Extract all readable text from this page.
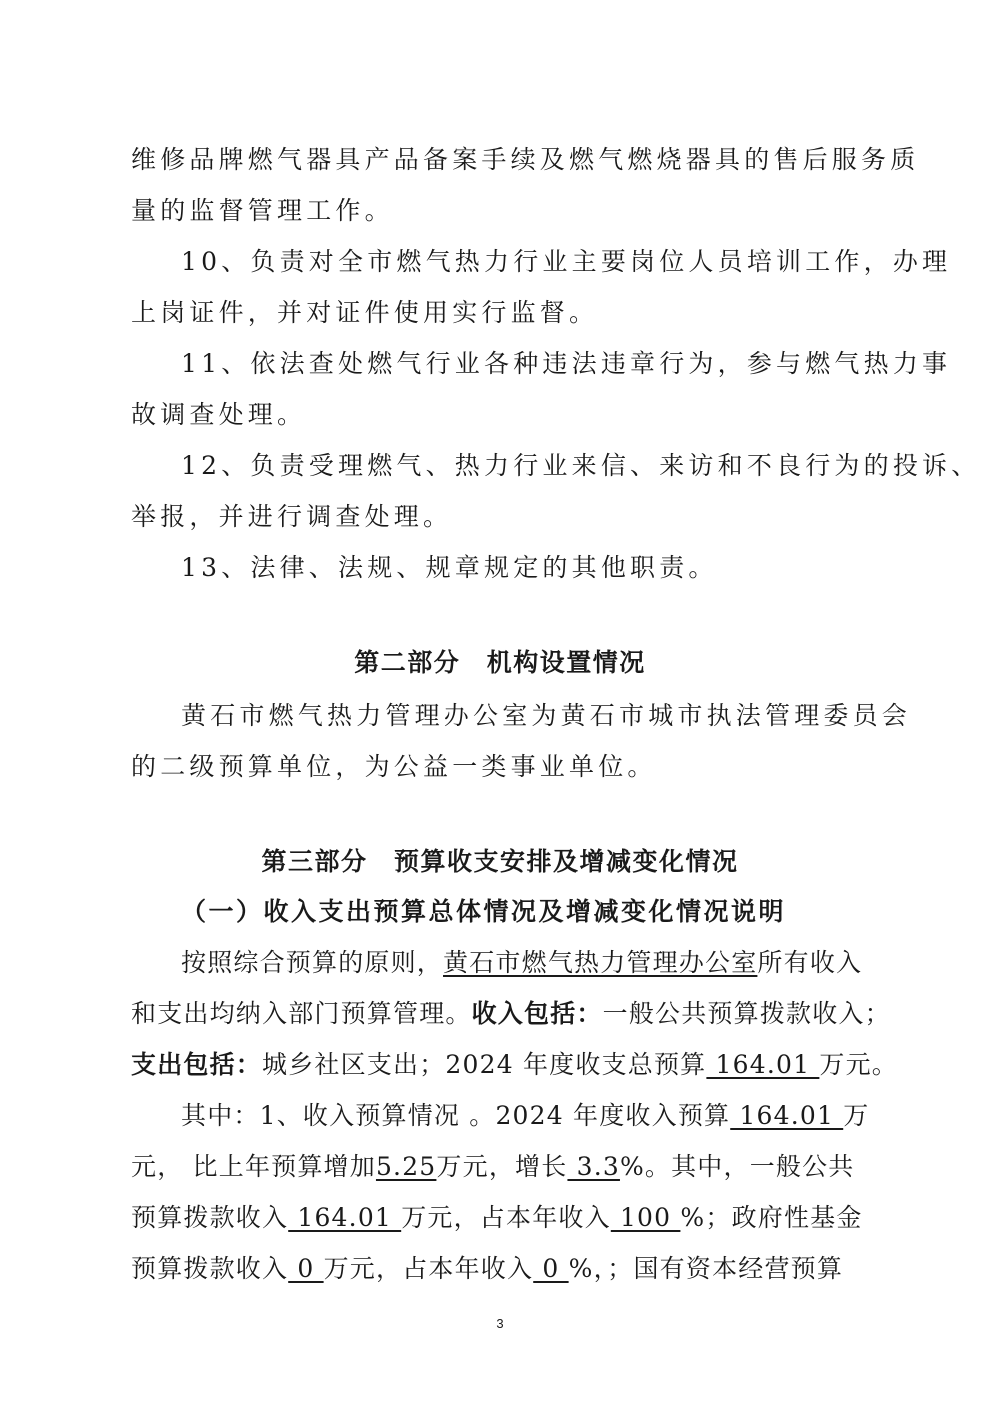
维修品牌燃气器具产品备案手续及燃气燃烧器具的售后服务质
量的监督管理工作。
10、负责对全市燃气热力行业主要岗位人员培训工作，办理
上岗证件，并对证件使用实行监督。
11、依法查处燃气行业各种违法违章行为，参与燃气热力事
故调查处理。
12、负责受理燃气、热力行业来信、来访和不良行为的投诉、
举报，并进行调查处理。
13、法律、法规、规章规定的其他职责。
第二部分　机构设置情况
黄石市燃气热力管理办公室为黄石市城市执法管理委员会
的二级预算单位，为公益一类事业单位。
第三部分　预算收支安排及增减变化情况
（一）收入支出预算总体情况及增减变化情况说明
按照综合预算的原则，黄石市燃气热力管理办公室所有收入
和支出均纳入部门预算管理。收入包括：一般公共预算拨款收入；
支出包括：城乡社区支出；2024 年度收支总预算 164.01 万元。
其中：1、收入预算情况 。2024 年度收入预算 164.01 万
元， 比上年预算增加5.25万元，增长 3.3%。其中，一般公共
预算拨款收入 164.01 万元，占本年收入 100 %；政府性基金
预算拨款收入 0 万元，占本年收入 0 %，；国有资本经营预算
3
